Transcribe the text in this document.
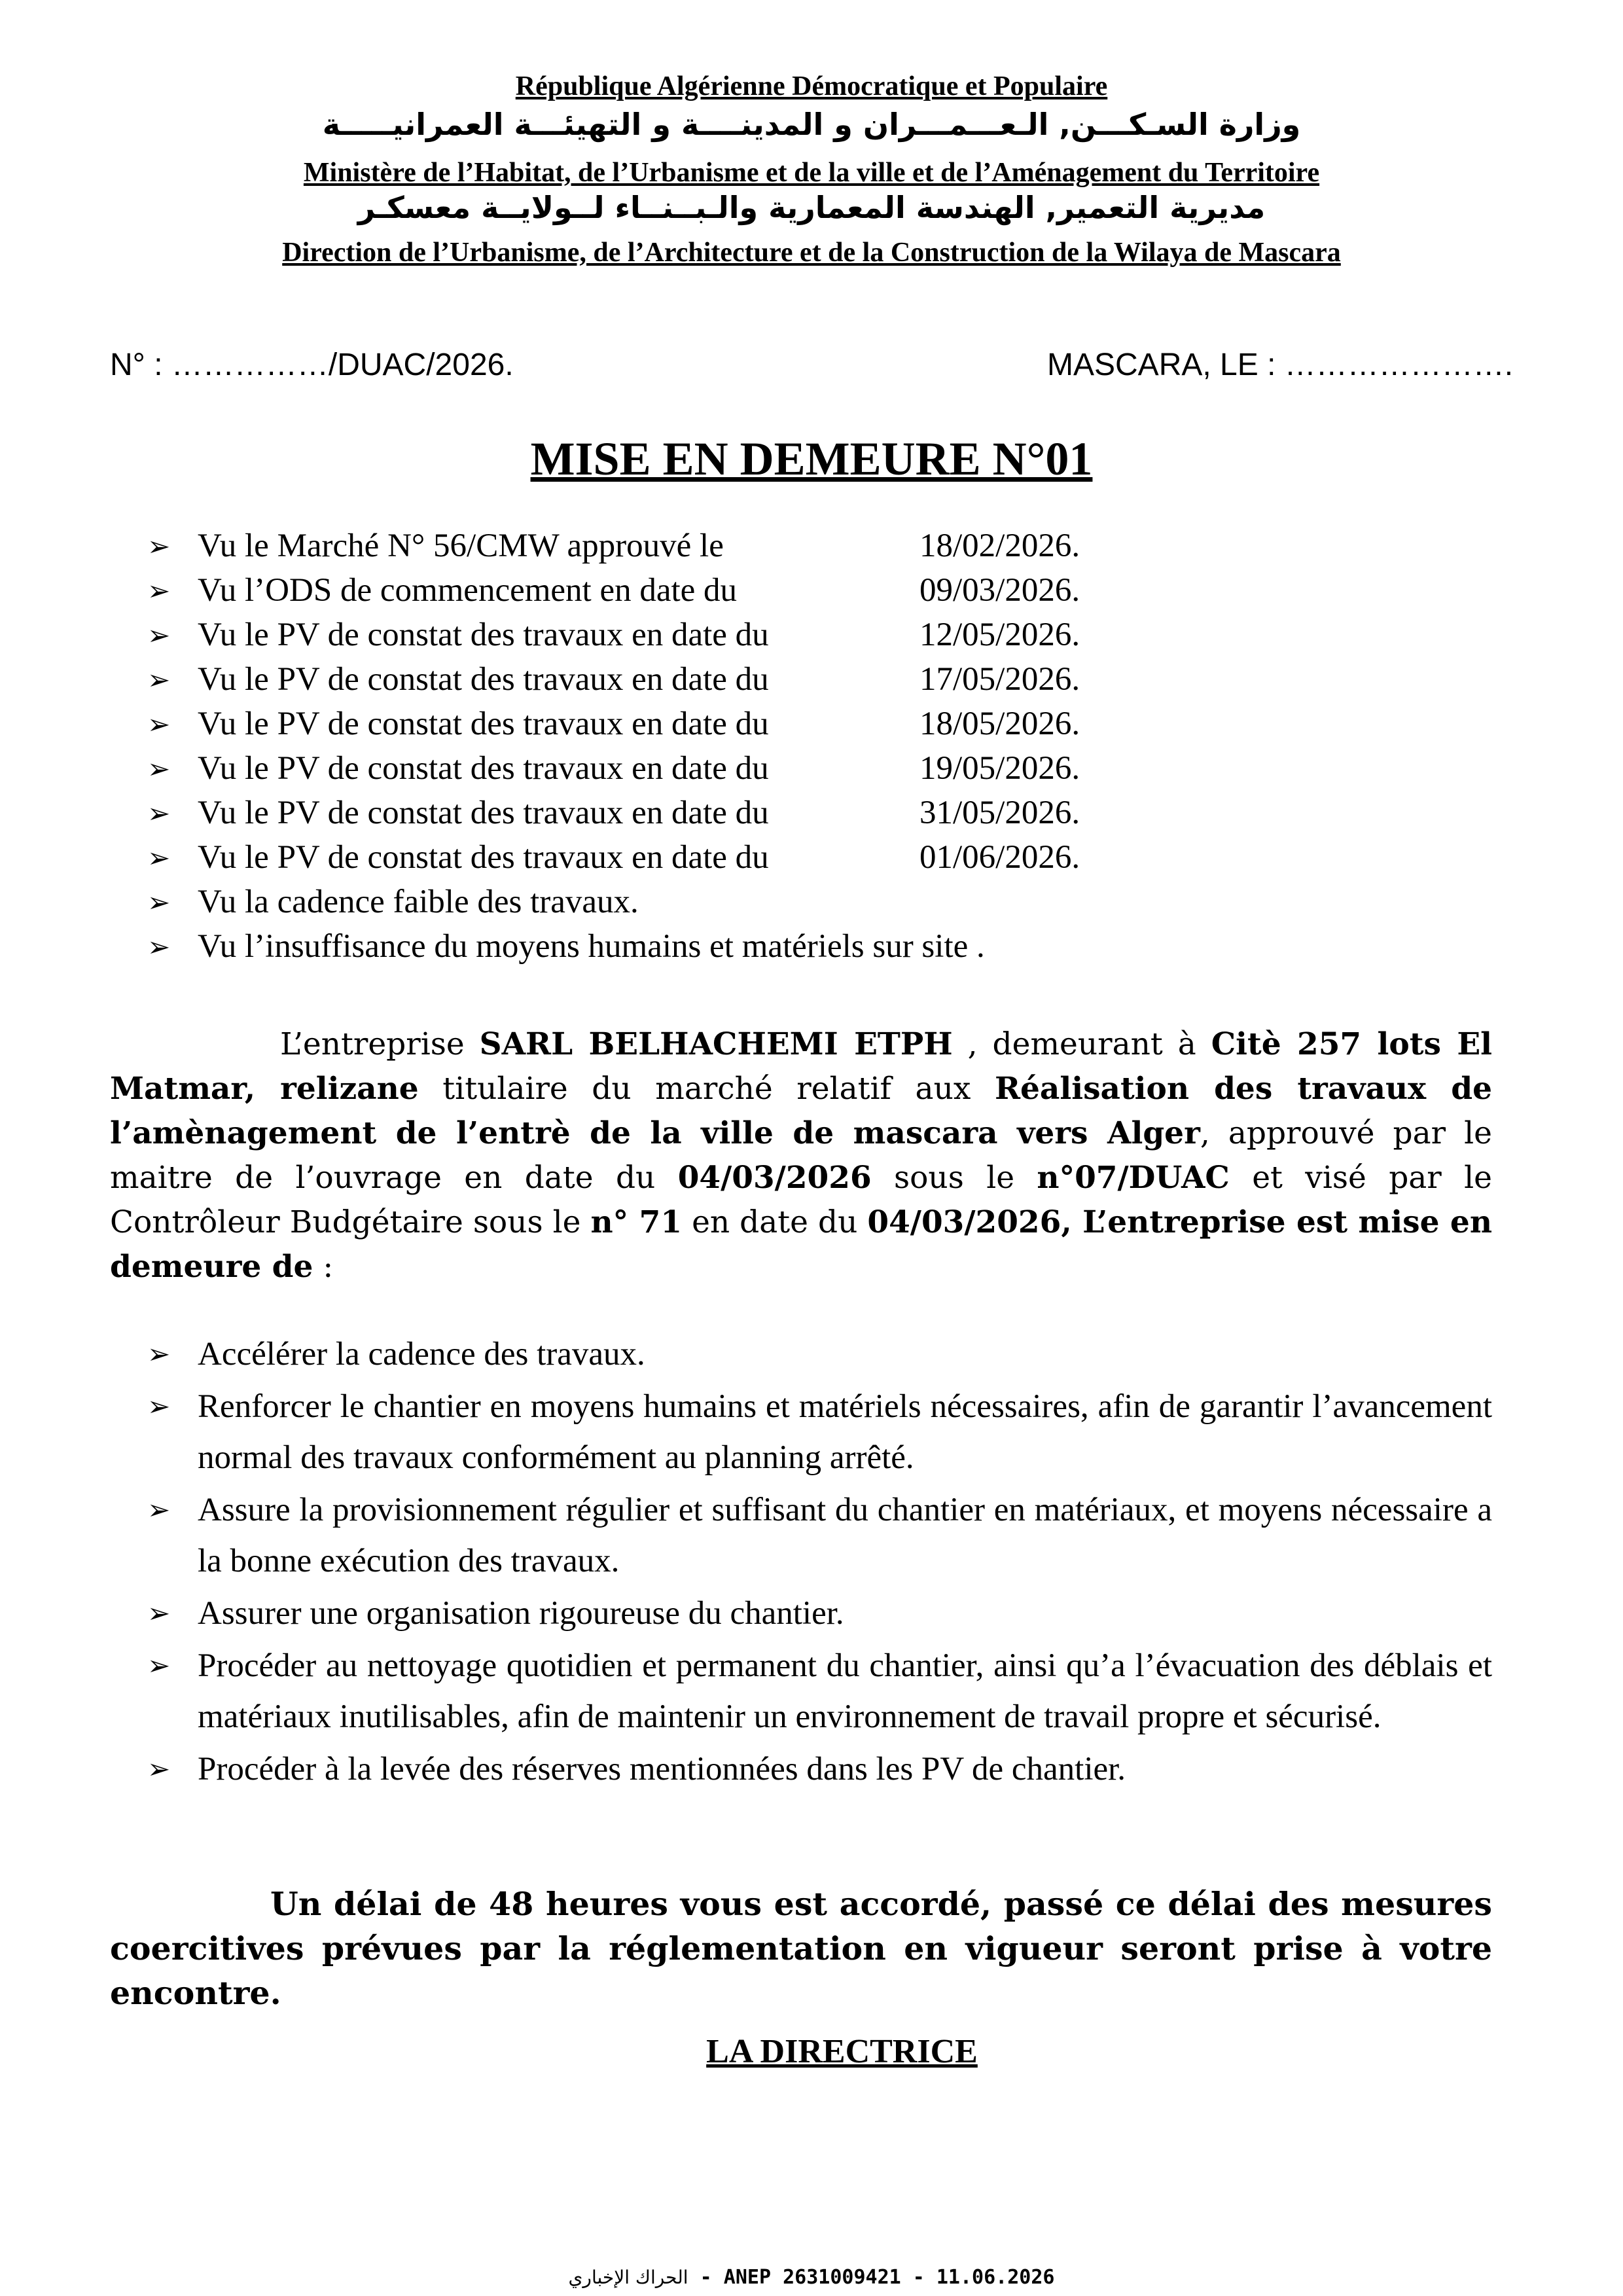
République Algérienne Démocratique et Populaire
وزارة السـكـــن, الـعـــمـــران و المدينــــة و التهيئـــة العمرانيـــــة
Ministère de l’Habitat, de l’Urbanisme et de la ville et de l’Aménagement du Territoire
مديرية التعمير, الهندسة المعمارية والـبــنــاء لــولايــة معسكـر
Direction de l’Urbanisme, de l’Architecture et de la Construction de la Wilaya de Mascara
N° : ……………/DUAC/2026.	MASCARA, LE : ………………….
MISE EN DEMEURE N°01
➢ Vu le Marché N° 56/CMW approuvé le	18/02/2026.
➢ Vu l’ODS de commencement en date du	09/03/2026.
➢ Vu le PV de constat des travaux en date du	12/05/2026.
➢ Vu le PV de constat des travaux en date du	17/05/2026.
➢ Vu le PV de constat des travaux en date du	18/05/2026.
➢ Vu le PV de constat des travaux en date du	19/05/2026.
➢ Vu le PV de constat des travaux en date du	31/05/2026.
➢ Vu le PV de constat des travaux en date du	01/06/2026.
➢ Vu la cadence faible des travaux.
➢ Vu l’insuffisance du moyens humains et matériels sur site .
L’entreprise SARL BELHACHEMI ETPH , demeurant à Citè 257 lots El Matmar, relizane titulaire du marché relatif aux Réalisation des travaux de l’amènagement de l’entrè de la ville de mascara vers Alger, approuvé par le maitre de l’ouvrage en date du 04/03/2026 sous le n°07/DUAC et visé par le Contrôleur Budgétaire sous le n° 71 en date du 04/03/2026, L’entreprise est mise en demeure de :
➢ Accélérer la cadence des travaux.
➢ Renforcer le chantier en moyens humains et matériels nécessaires, afin de garantir l’avancement normal des travaux conformément au planning arrêté.
➢ Assure la provisionnement régulier et suffisant du chantier en matériaux, et moyens nécessaire a la bonne exécution des travaux.
➢ Assurer une organisation rigoureuse du chantier.
➢ Procéder au nettoyage quotidien et permanent du chantier, ainsi qu’a l’évacuation des déblais et matériaux inutilisables, afin de maintenir un environnement de travail propre et sécurisé.
➢ Procéder à la levée des réserves mentionnées dans les PV de chantier.
Un délai de 48 heures vous est accordé, passé ce délai des mesures coercitives prévues par la réglementation en vigueur seront prise à votre encontre.
LA DIRECTRICE
الحراك الإخباري - ANEP 2631009421 - 11.06.2026
